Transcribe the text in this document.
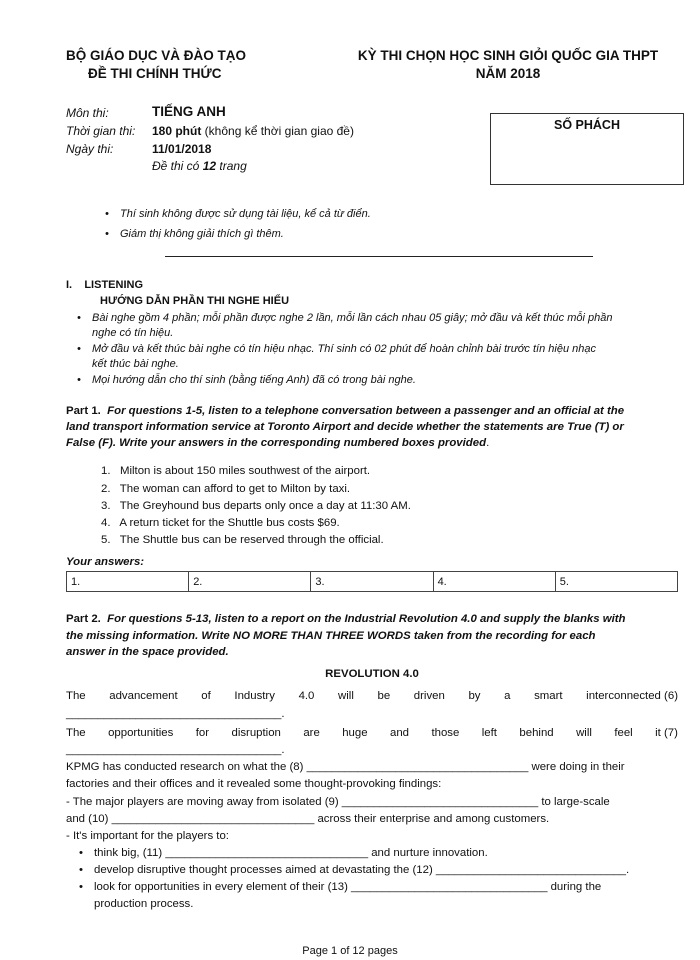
BỘ GIÁO DỤC VÀ ĐÀO TẠO
ĐỀ THI CHÍNH THỨC
KỲ THI CHỌN HỌC SINH GIỎI QUỐC GIA THPT
NĂM 2018
Môn thi:	TIẾNG ANH
Thời gian thi: 180 phút (không kể thời gian giao đề)
Ngày thi:	11/01/2018
Đề thi có 12 trang
SỐ PHÁCH
• Thí sinh không được sử dụng tài liệu, kể cả từ điển.
• Giám thị không giải thích gì thêm.
I.    LISTENING
HƯỚNG DẪN PHẦN THI NGHE HIỂU
• Bài nghe gồm 4 phần; mỗi phần được nghe 2 lần, mỗi lần cách nhau 05 giây; mở đầu và kết thúc mỗi phần
nghe có tín hiệu.
• Mở đầu và kết thúc bài nghe có tín hiệu nhạc. Thí sinh có 02 phút để hoàn chỉnh bài trước tín hiệu nhạc
kết thúc bài nghe.
• Mọi hướng dẫn cho thí sinh (bằng tiếng Anh) đã có trong bài nghe.
Part 1. For questions 1-5, listen to a telephone conversation between a passenger and an official at the
land transport information service at Toronto Airport and decide whether the statements are True (T) or
False (F). Write your answers in the corresponding numbered boxes provided.
1.   Milton is about 150 miles southwest of the airport.
2.   The woman can afford to get to Milton by taxi.
3.   The Greyhound bus departs only once a day at 11:30 AM.
4.   A return ticket for the Shuttle bus costs $69.
5.   The Shuttle bus can be reserved through the official.
Your answers:
1.	2.	3.	4.	5.
Part 2. For questions 5-13, listen to a report on the Industrial Revolution 4.0 and supply the blanks with
the missing information. Write NO MORE THAN THREE WORDS taken from the recording for each
answer in the space provided.
REVOLUTION 4.0
The advancement of Industry 4.0 will be driven by a smart interconnected (6)
__________________________________.
The opportunities for disruption are huge and those left behind will feel it (7)
__________________________________.
KPMG has conducted research on what the (8) ___________________________________ were doing in their
factories and their offices and it revealed some thought-provoking findings:
- The major players are moving away from isolated (9) _______________________________ to large-scale
and (10) ________________________________ across their enterprise and among customers.
- It's important for the players to:
• think big, (11) ________________________________ and nurture innovation.
• develop disruptive thought processes aimed at devastating the (12) ______________________________.
• look for opportunities in every element of their (13) _______________________________ during the
production process.
Page 1 of 12 pages
